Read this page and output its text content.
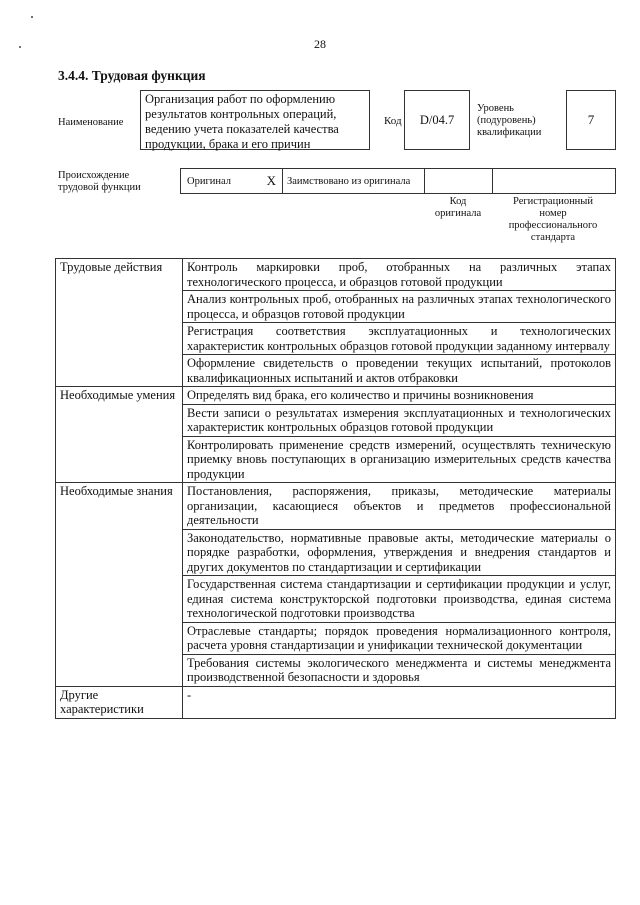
28
3.4.4. Трудовая функция
Наименование
Организация работ по оформлению результатов контрольных операций, ведению учета показателей качества продукции, брака и его причин
Код	D/04.7
Уровень (подуровень) квалификации
7
Происхождение трудовой функции
Оригинал	X	Заимствовано из оригинала
Код оригинала
Регистрационный номер профессионального стандарта
Трудовые действия	Контроль маркировки проб, отобранных на различных этапах технологического процесса, и образцов готовой продукции
	Анализ контрольных проб, отобранных на различных этапах технологического процесса, и образцов готовой продукции
	Регистрация соответствия эксплуатационных и технологических характеристик контрольных образцов готовой продукции заданному интервалу
	Оформление свидетельств о проведении текущих испытаний, протоколов квалификационных испытаний и актов отбраковки
Необходимые умения	Определять вид брака, его количество и причины возникновения
	Вести записи о результатах измерения эксплуатационных и технологических характеристик контрольных образцов готовой продукции
	Контролировать применение средств измерений, осуществлять техническую приемку вновь поступающих в организацию измерительных средств качества продукции
Необходимые знания	Постановления, распоряжения, приказы, методические материалы организации, касающиеся объектов и предметов профессиональной деятельности
	Законодательство, нормативные правовые акты, методические материалы о порядке разработки, оформления, утверждения и внедрения стандартов и других документов по стандартизации и сертификации
	Государственная система стандартизации и сертификации продукции и услуг, единая система конструкторской подготовки производства, единая система технологической подготовки производства
	Отраслевые стандарты; порядок проведения нормализационного контроля, расчета уровня стандартизации и унификации технической документации
	Требования системы экологического менеджмента и системы менеджмента производственной безопасности и здоровья
Другие характеристики	-
